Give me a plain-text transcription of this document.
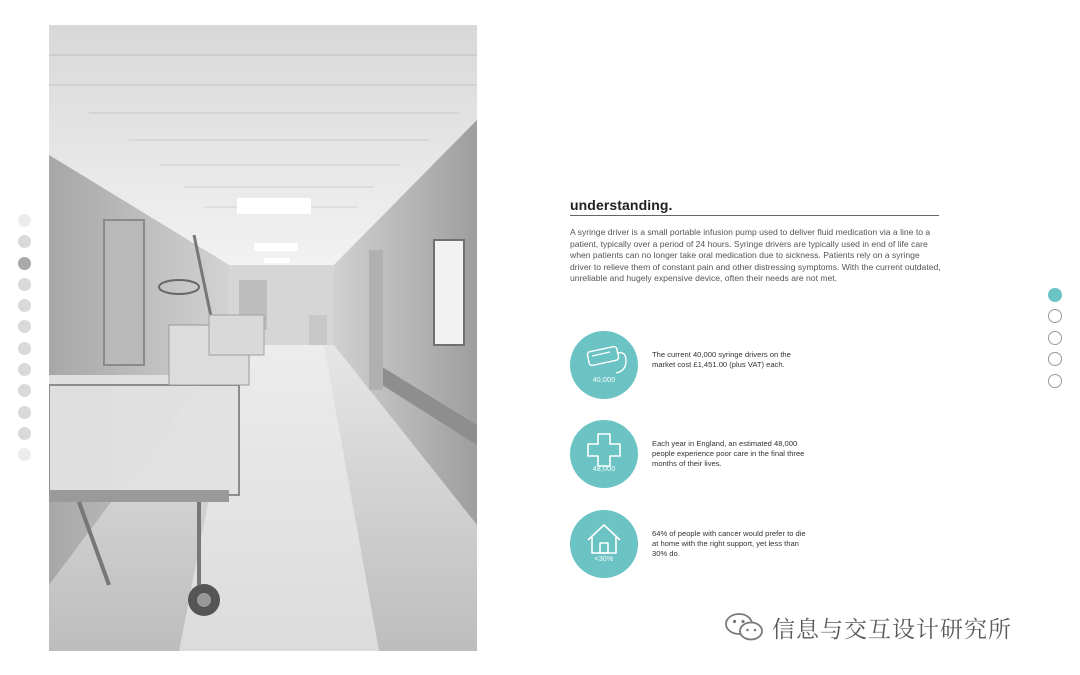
understanding.

A syringe driver is a small portable infusion pump used to deliver fluid medication via a line to a patient, typically over a period of 24 hours. Syringe drivers are typically used in end of life care when patients can no longer take oral medication due to sickness. Patients rely on a syringe driver to relieve them of constant pain and other distressing symptoms. With the current outdated, unreliable and hugely expensive device, often their needs are not met.

40,000
The current 40,000 syringe drivers on the market cost £1,451.00 (plus VAT) each.
48,000
Each year in England, an estimated 48,000 people experience poor care in the final three months of their lives.
<30%
64% of people with cancer would prefer to die at home with the right support, yet less than 30% do.
信息与交互设计研究所
